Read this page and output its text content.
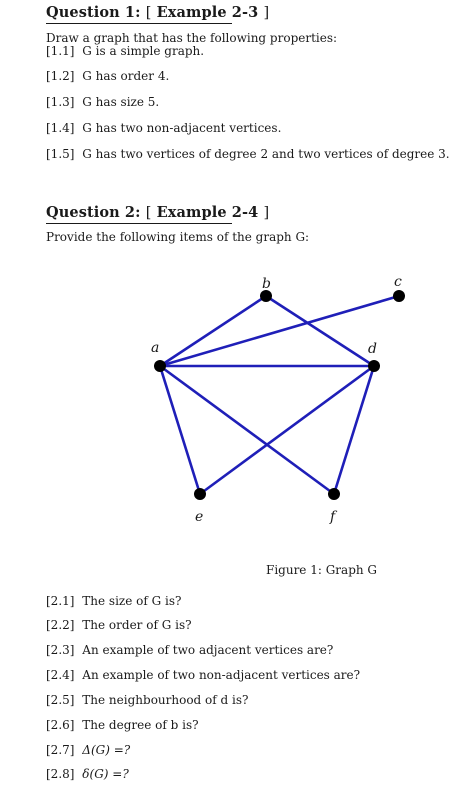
Question 1: [ Example 2-3 ]
Draw a graph that has the following properties:
[1.1] G is a simple graph.
[1.2] G has order 4.
[1.3] G has size 5.
[1.4] G has two non-adjacent vertices.
[1.5] G has two vertices of degree 2 and two vertices of degree 3.
Question 2: [ Example 2-4 ]
Provide the following items of the graph G:
a
b	c
d
e	f
Figure 1: Graph G
[2.1] The size of G is?
[2.2] The order of G is?
[2.3] An example of two adjacent vertices are?
[2.4] An example of two non-adjacent vertices are?
[2.5] The neighbourhood of d is?
[2.6] The degree of b is?
[2.7] Δ(G) =?
[2.8] δ(G) =?
